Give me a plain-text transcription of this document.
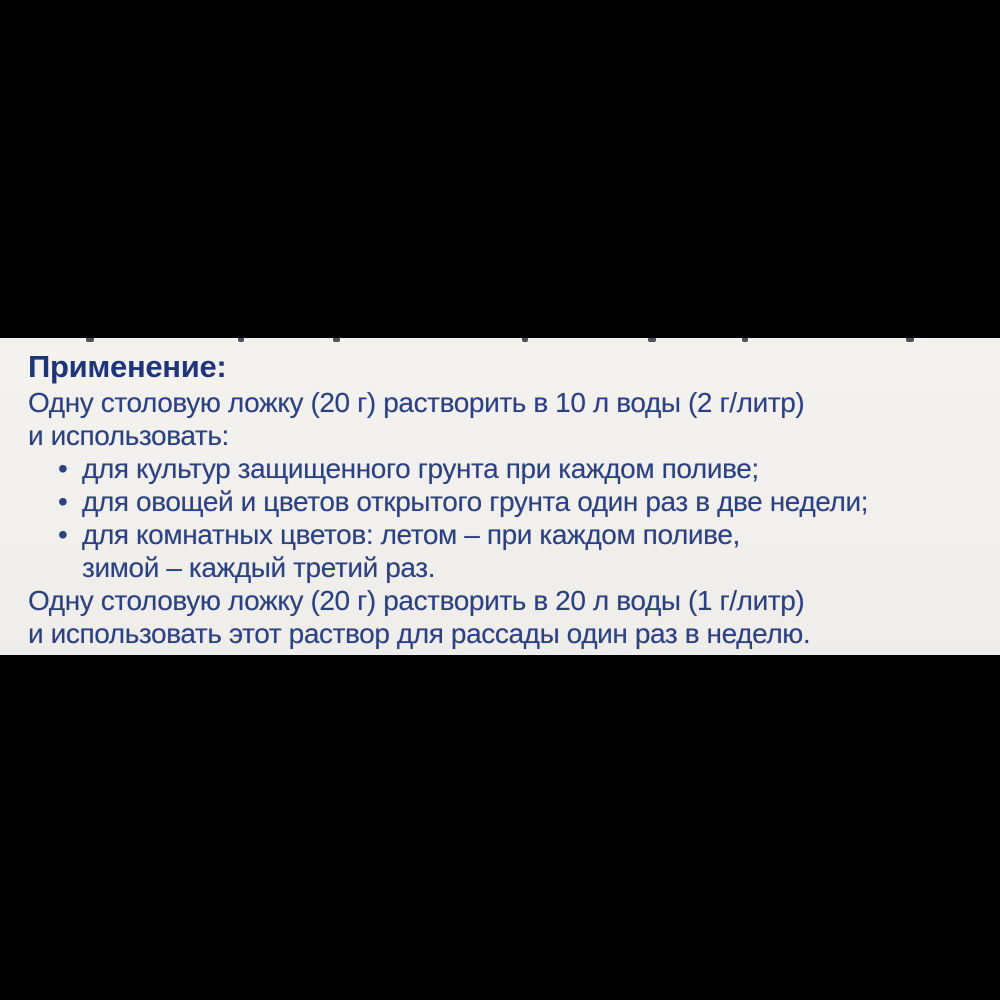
Применение:
Одну столовую ложку (20 г) растворить в 10 л воды (2 г/литр)
и использовать:
• для культур защищенного грунта при каждом поливе;
• для овощей и цветов открытого грунта один раз в две недели;
• для комнатных цветов: летом – при каждом поливе,
зимой – каждый третий раз.
Одну столовую ложку (20 г) растворить в 20 л воды (1 г/литр)
и использовать этот раствор для рассады один раз в неделю.
